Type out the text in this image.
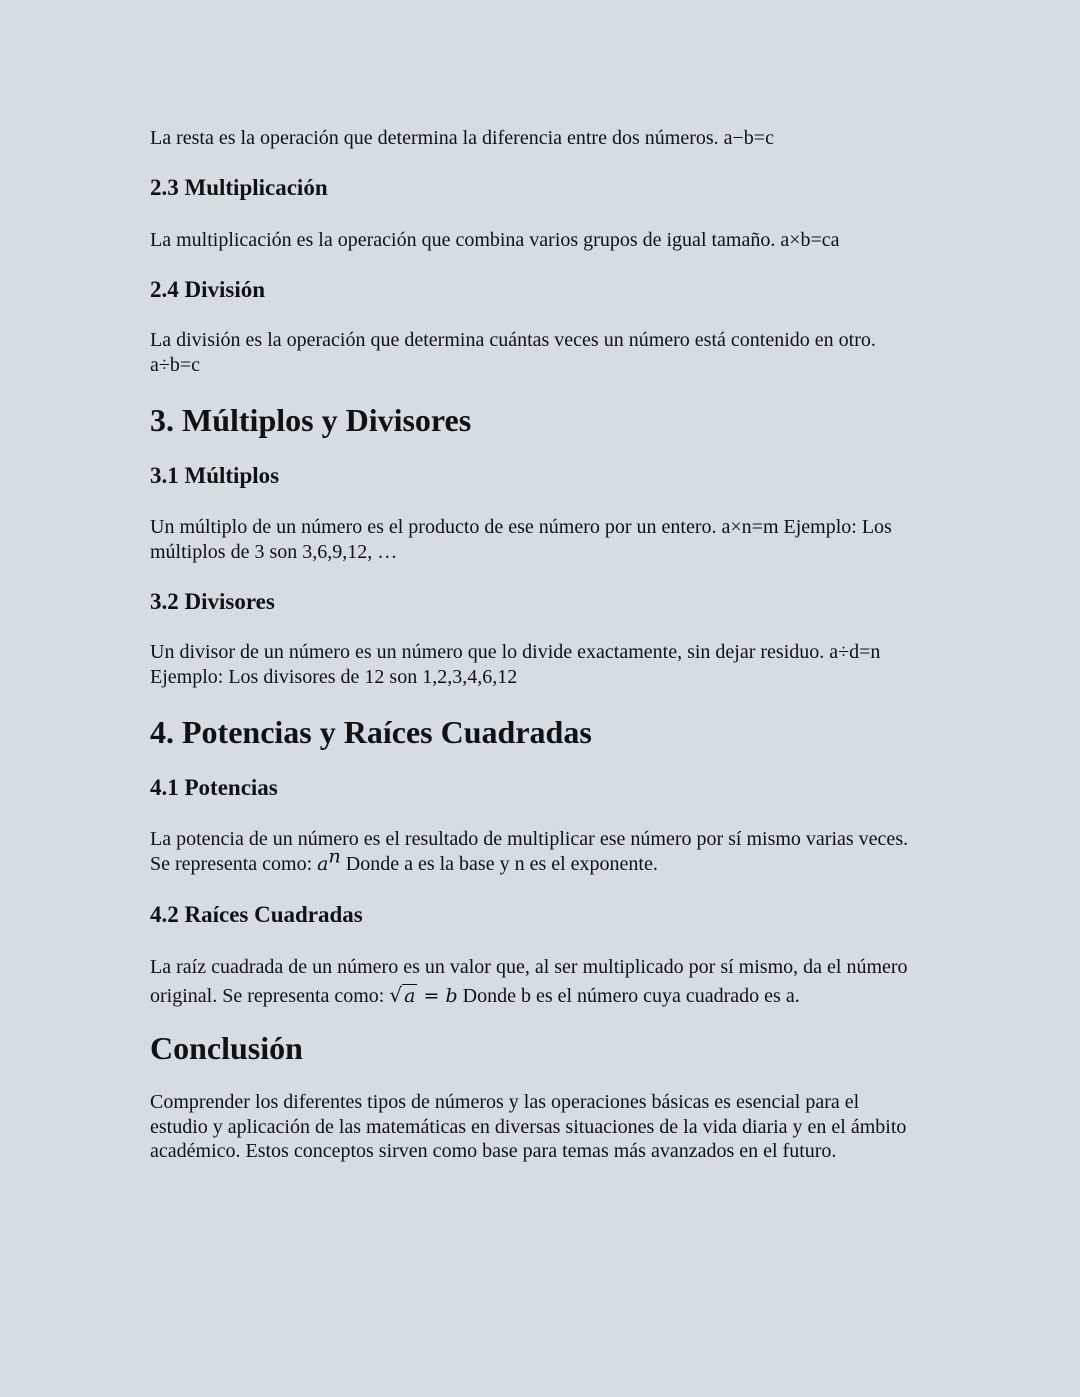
La resta es la operación que determina la diferencia entre dos números. a−b=c

2.3 Multiplicación

La multiplicación es la operación que combina varios grupos de igual tamaño. a×b=ca

2.4 División

La división es la operación que determina cuántas veces un número está contenido en otro. a÷b=c

3. Múltiplos y Divisores
3.1 Múltiplos

Un múltiplo de un número es el producto de ese número por un entero. a×n=m Ejemplo: Los múltiplos de 3 son 3,6,9,12, …

3.2 Divisores

Un divisor de un número es un número que lo divide exactamente, sin dejar residuo. a÷d=n Ejemplo: Los divisores de 12 son 1,2,3,4,6,12

4. Potencias y Raíces Cuadradas
4.1 Potencias

La potencia de un número es el resultado de multiplicar ese número por sí mismo varias veces. Se representa como: $a^n$ Donde a es la base y n es el exponente.

4.2 Raíces Cuadradas

La raíz cuadrada de un número es un valor que, al ser multiplicado por sí mismo, da el número original. Se representa como: √ a = b Donde b es el número cuya cuadrado es a.

Conclusión

Comprender los diferentes tipos de números y las operaciones básicas es esencial para el estudio y aplicación de las matemáticas en diversas situaciones de la vida diaria y en el ámbito académico. Estos conceptos sirven como base para temas más avanzados en el futuro.
